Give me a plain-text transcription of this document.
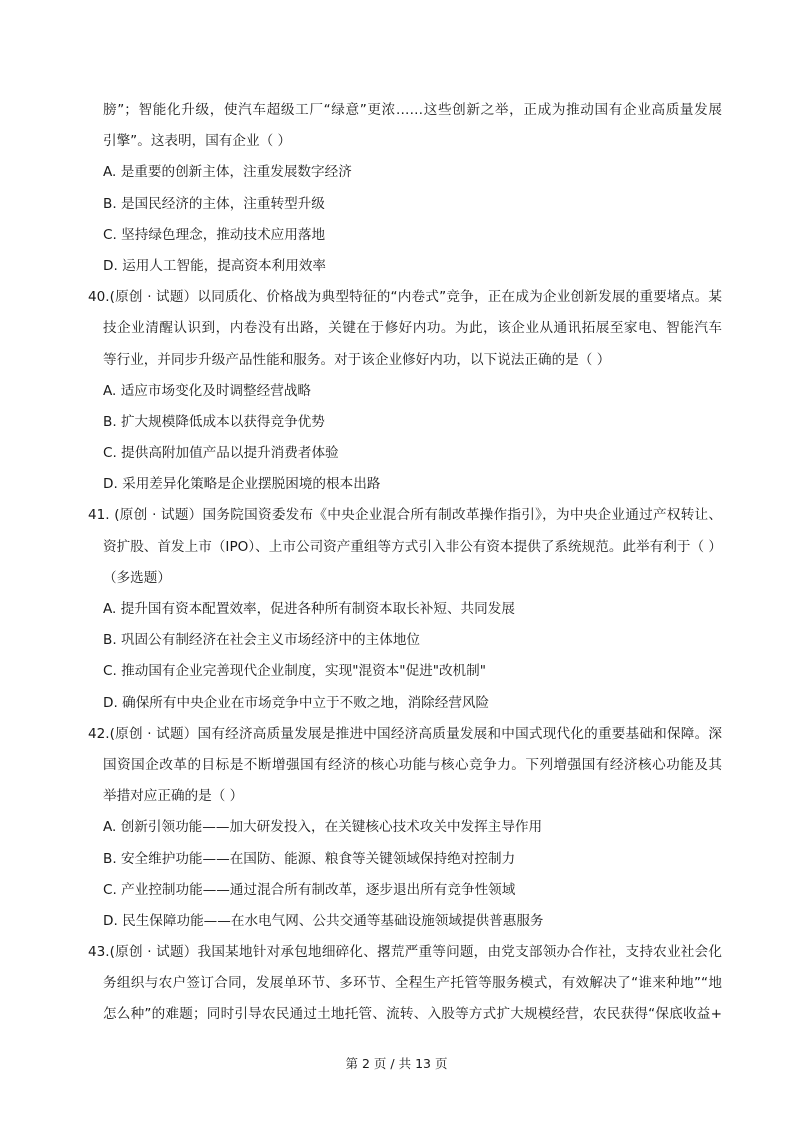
膀”；智能化升级，使汽车超级工厂“绿意”更浓……这些创新之举，正成为推动国有企业高质量发展
引擎”。这表明，国有企业（ ）
A. 是重要的创新主体，注重发展数字经济
B. 是国民经济的主体，注重转型升级
C. 坚持绿色理念，推动技术应用落地
D. 运用人工智能，提高资本利用效率
40.(原创 · 试题）以同质化、价格战为典型特征的“内卷式”竞争，正在成为企业创新发展的重要堵点。某
技企业清醒认识到，内卷没有出路，关键在于修好内功。为此，该企业从通讯拓展至家电、智能汽车
等行业，并同步升级产品性能和服务。对于该企业修好内功，以下说法正确的是（ ）
A. 适应市场变化及时调整经营战略
B. 扩大规模降低成本以获得竞争优势
C. 提供高附加值产品以提升消费者体验
D. 采用差异化策略是企业摆脱困境的根本出路
41. (原创 · 试题）国务院国资委发布《中央企业混合所有制改革操作指引》，为中央企业通过产权转让、
资扩股、首发上市（IPO）、上市公司资产重组等方式引入非公有资本提供了系统规范。此举有利于（ ）
（多选题）
A. 提升国有资本配置效率，促进各种所有制资本取长补短、共同发展
B. 巩固公有制经济在社会主义市场经济中的主体地位
C. 推动国有企业完善现代企业制度，实现"混资本"促进"改机制"
D. 确保所有中央企业在市场竞争中立于不败之地，消除经营风险
42.(原创 · 试题）国有经济高质量发展是推进中国经济高质量发展和中国式现代化的重要基础和保障。深
国资国企改革的目标是不断增强国有经济的核心功能与核心竞争力。下列增强国有经济核心功能及其
举措对应正确的是（ ）
A. 创新引领功能——加大研发投入，在关键核心技术攻关中发挥主导作用
B. 安全维护功能——在国防、能源、粮食等关键领域保持绝对控制力
C. 产业控制功能——通过混合所有制改革，逐步退出所有竞争性领域
D. 民生保障功能——在水电气网、公共交通等基础设施领域提供普惠服务
43.(原创 · 试题）我国某地针对承包地细碎化、撂荒严重等问题，由党支部领办合作社，支持农业社会化
务组织与农户签订合同，发展单环节、多环节、全程生产托管等服务模式，有效解决了“谁来种地”“地
怎么种”的难题；同时引导农民通过土地托管、流转、入股等方式扩大规模经营，农民获得“保底收益+
第 2 页 / 共 13 页
